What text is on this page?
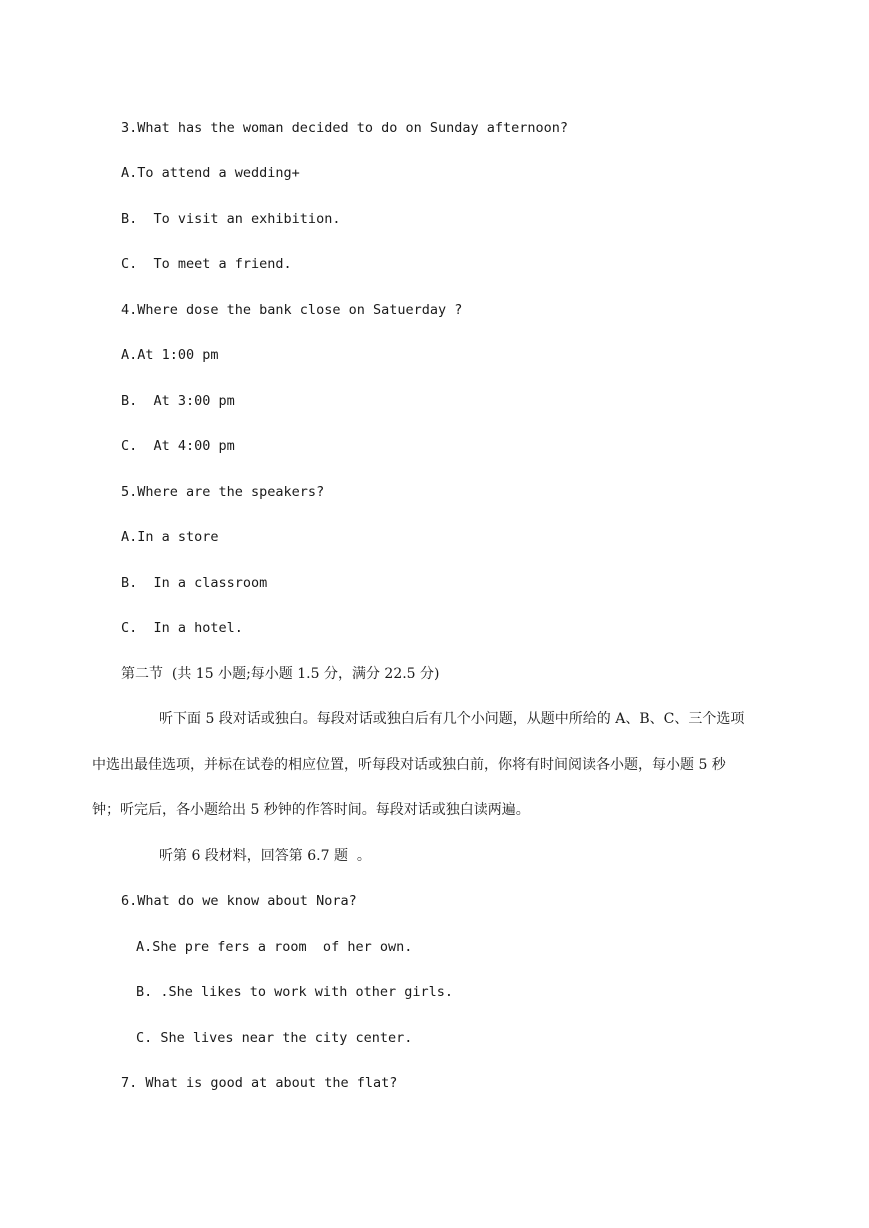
3.What has the woman decided to do on Sunday afternoon?
A.To attend a wedding+
B.  To visit an exhibition.
C.  To meet a friend.
4.Where dose the bank close on Satuerday ?
A.At 1:00 pm
B.  At 3:00 pm
C.  At 4:00 pm
5.Where are the speakers?
A.In a store
B.  In a classroom
C.  In a hotel.
第二节  (共 15 小题;每小题 1.5 分，满分 22.5 分)
听下面 5 段对话或独白。每段对话或独白后有几个小问题，从题中所给的 A、B、C、三个选项
中选出最佳选项，并标在试卷的相应位置，听每段对话或独白前，你将有时间阅读各小题，每小题 5 秒
钟；听完后，各小题给出 5 秒钟的作答时间。每段对话或独白读两遍。
听第 6 段材料，回答第 6.7 题  。
6.What do we know about Nora?
A.She pre fers a room  of her own.
B. .She likes to work with other girls.
C. She lives near the city center.
7. What is good at about the flat?
